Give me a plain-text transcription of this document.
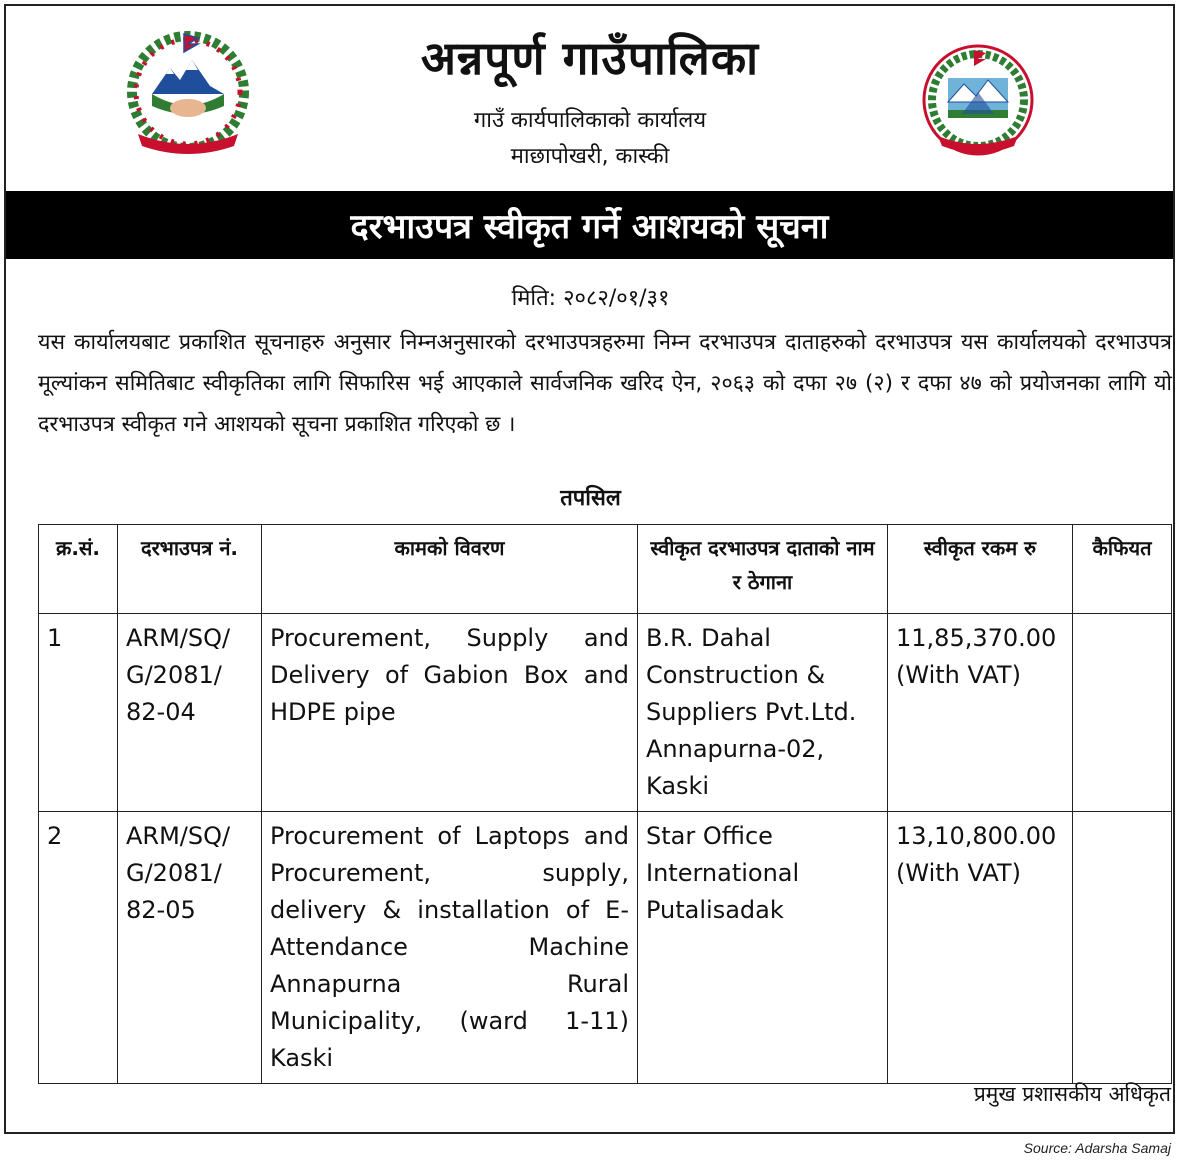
अन्नपूर्ण गाउँपालिका
गाउँ कार्यपालिकाको कार्यालय
माछापोखरी, कास्की
दरभाउपत्र स्वीकृत गर्ने आशयको सूचना
मिति: २०८२/०१/३१
यस कार्यालयबाट प्रकाशित सूचनाहरु अनुसार निम्नअनुसारको दरभाउपत्रहरुमा निम्न दरभाउपत्र दाताहरुको दरभाउपत्र यस कार्यालयको दरभाउपत्र मूल्यांकन समितिबाट स्वीकृतिका लागि सिफारिस भई आएकाले सार्वजनिक खरिद ऐन, २०६३ को दफा २७ (२) र दफा ४७ को प्रयोजनका लागि यो दरभाउपत्र स्वीकृत गने आशयको सूचना प्रकाशित गरिएको छ ।
तपसिल
क्र.सं.	दरभाउपत्र नं.	कामको विवरण	स्वीकृत दरभाउपत्र दाताको नाम र ठेगाना	स्वीकृत रकम रु	कैफियत
1	ARM/SQ/ G/2081/ 82-04	Procurement, Supply and Delivery of Gabion Box and HDPE pipe	B.R. Dahal Construction & Suppliers Pvt.Ltd. Annapurna-02, Kaski	11,85,370.00
(With VAT)	

2	ARM/SQ/ G/2081/ 82-05	Procurement of Laptops and Procurement, supply, delivery & installation of E-Attendance Machine Annapurna Rural Municipality, (ward 1-11) Kaski	Star Office International Putalisadak	13,10,800.00
(With VAT)	

प्रमुख प्रशासकीय अधिकृत
Source: Adarsha Samaj
